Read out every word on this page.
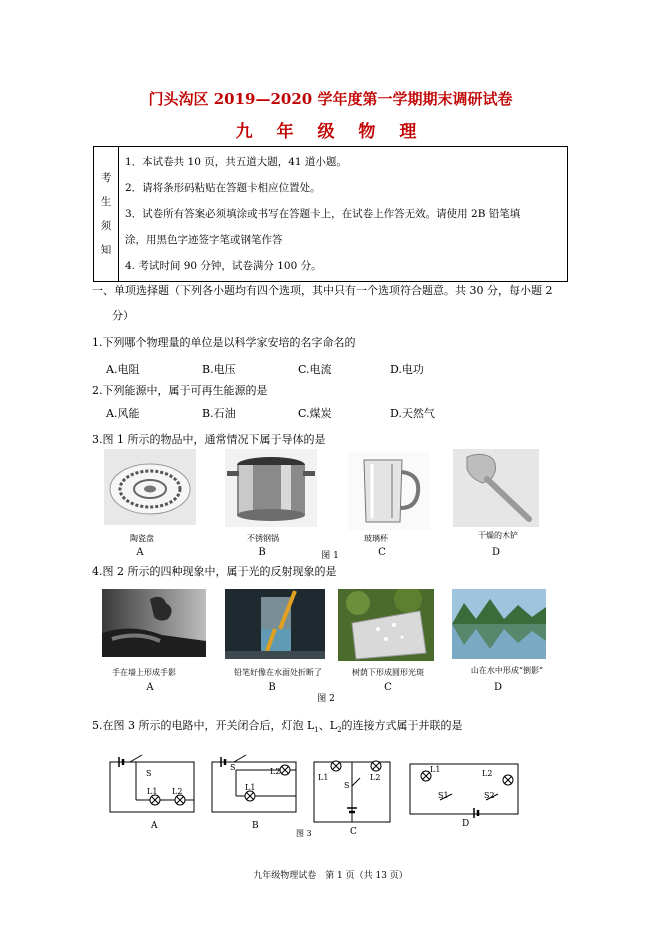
门头沟区 2019—2020 学年度第一学期期末调研试卷
九 年 级 物 理
考
生
须
知

1．本试卷共 10 页，共五道大题，41 道小题。
2．请将条形码粘贴在答题卡相应位置处。
3．试卷所有答案必须填涂或书写在答题卡上，在试卷上作答无效。请使用 2B 铅笔填
涂，用黑色字迹签字笔或钢笔作答
4. 考试时间 90 分钟，试卷满分 100 分。
一、单项选择题（下列各小题均有四个选项，其中只有一个选项符合题意。共 30 分，每小题 2
分）
1.下列哪个物理量的单位是以科学家安培的名字命名的
A.电阻	B.电压	C.电流	D.电功
2.下列能源中，属于可再生能源的是
A.风能	B.石油	C.煤炭	D.天然气
3.图 1 所示的物品中，通常情况下属于导体的是
陶瓷盘	不锈钢锅	玻璃杯	干燥的木铲
A	B	图 1	C	D
4.图 2 所示的四种现象中，属于光的反射现象的是
手在墙上形成手影	铅笔好像在水面处折断了	树荫下形成圆形光斑	山在水中形成“倒影”
A	B	C	D
图 2
5.在图 3 所示的电路中，开关闭合后，灯泡 $L_1$、$L_2$的连接方式属于并联的是
S
L1 L2
S	L2
L1
L1	L2
S
L1	L2
S1	S2
A	B
C
D
图 3
九年级物理试卷　第 1 页（共 13 页）
